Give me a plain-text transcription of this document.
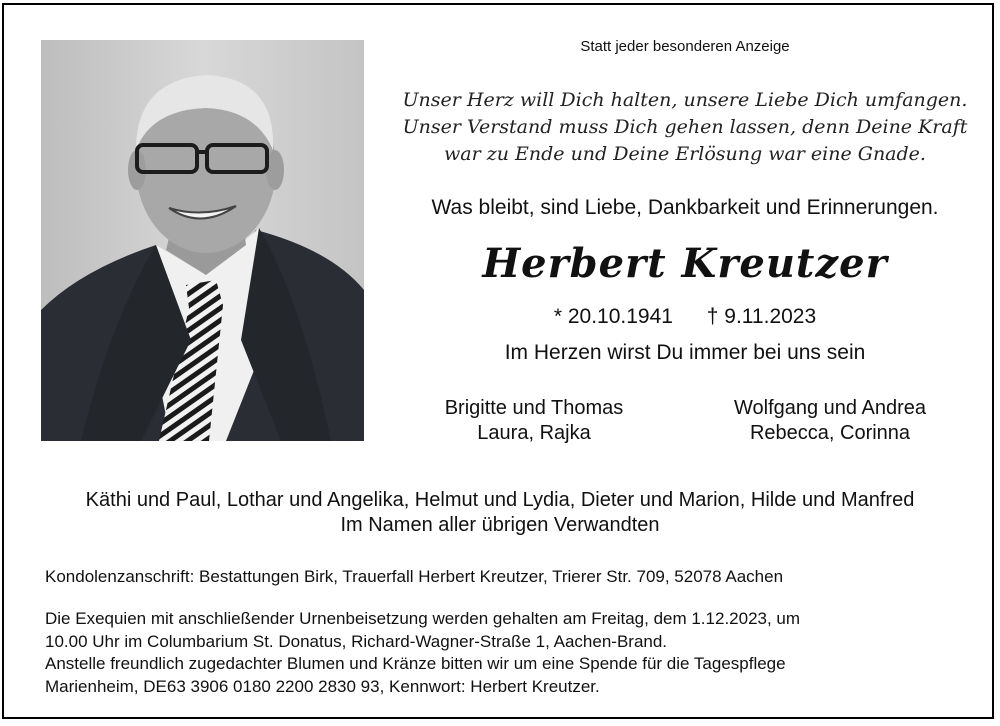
Statt jeder besonderen Anzeige
Unser Herz will Dich halten, unsere Liebe Dich umfangen.
Unser Verstand muss Dich gehen lassen, denn Deine Kraft
war zu Ende und Deine Erlösung war eine Gnade.
Was bleibt, sind Liebe, Dankbarkeit und Erinnerungen.
Herbert Kreutzer
* 20.10.1941 † 9.11.2023
Im Herzen wirst Du immer bei uns sein
Brigitte und Thomas
Laura, Rajka
Wolfgang und Andrea
Rebecca, Corinna
Käthi und Paul, Lothar und Angelika, Helmut und Lydia, Dieter und Marion, Hilde und Manfred
Im Namen aller übrigen Verwandten
Kondolenzanschrift: Bestattungen Birk, Trauerfall Herbert Kreutzer, Trierer Str. 709, 52078 Aachen
Die Exequien mit anschließender Urnenbeisetzung werden gehalten am Freitag, dem 1.12.2023, um
10.00 Uhr im Columbarium St. Donatus, Richard-Wagner-Straße 1, Aachen-Brand.
Anstelle freundlich zugedachter Blumen und Kränze bitten wir um eine Spende für die Tagespflege
Marienheim, DE63 3906 0180 2200 2830 93, Kennwort: Herbert Kreutzer.
